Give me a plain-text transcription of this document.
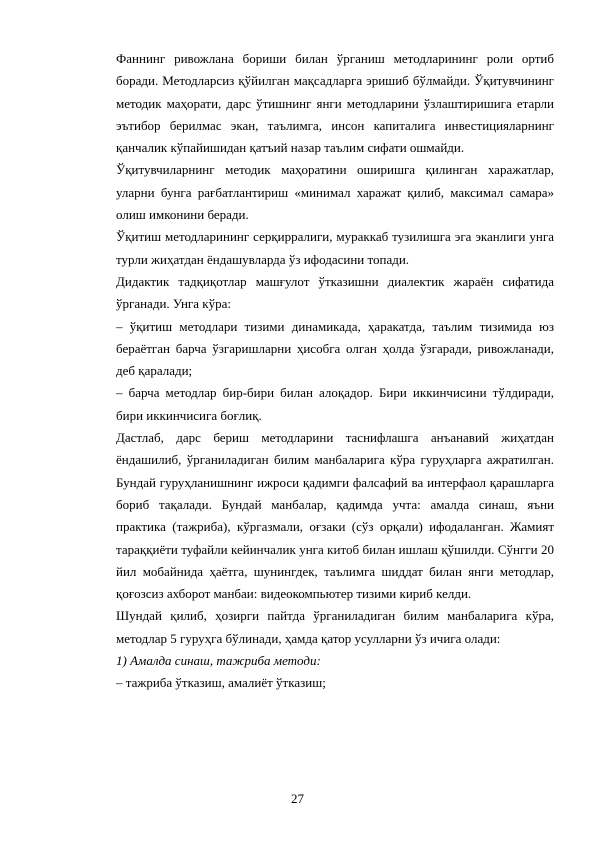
Фаннинг ривожлана бориши билан ўрганиш методларининг роли ортиб боради. Методларсиз қўйилган мақсадларга эришиб бўлмайди. Ўқитувчининг методик маҳорати, дарс ўтишнинг янги методларини ўзлаштиришига етарли эътибор берилмас экан, таълимга, инсон капиталига инвестицияларнинг қанчалик кўпайишидан қатъий назар таълим сифати ошмайди.

Ўқитувчиларнинг методик маҳоратини оширишга қилинган харажатлар, уларни бунга рағбатлантириш «минимал харажат қилиб, максимал самара» олиш имконини беради.

Ўқитиш методларининг серқирралиги, мураккаб тузилишга эга эканлиги унга турли жиҳатдан ёндашувларда ўз ифодасини топади.

Дидактик тадқиқотлар машғулот ўтказишни диалектик жараён сифатида ўрганади. Унга кўра:

– ўқитиш методлари тизими динамикада, ҳаракатда, таълим тизимида юз бераётган барча ўзгаришларни ҳисобга олган ҳолда ўзгаради, ривожланади, деб қаралади;

– барча методлар бир-бири билан алоқадор. Бири иккинчисини тўлдиради, бири иккинчисига боғлиқ.

Дастлаб, дарс бериш методларини таснифлашга анъанавий жиҳатдан ёндашилиб, ўрганиладиган билим манбаларига кўра гуруҳларга ажратилган. Бундай гуруҳланишнинг ижроси қадимги фалсафий ва интерфаол қарашларга бориб тақалади. Бундай манбалар, қадимда учта: амалда синаш, яъни практика (тажриба), кўргазмали, оғзаки (сўз орқали) ифодаланган. Жамият тараққиёти туфайли кейинчалик унга китоб билан ишлаш қўшилди. Сўнгги 20 йил мобайнида ҳаётга, шунингдек, таълимга шиддат билан янги методлар, қоғозсиз ахборот манбаи: видеокомпьютер тизими кириб келди.

Шундай қилиб, ҳозирги пайтда ўрганиладиган билим манбаларига кўра, методлар 5 гуруҳга бўлинади, ҳамда қатор усулларни ўз ичига олади:

1) Амалда синаш, тажриба методи:

– тажриба ўтказиш, амалиёт ўтказиш;

27
